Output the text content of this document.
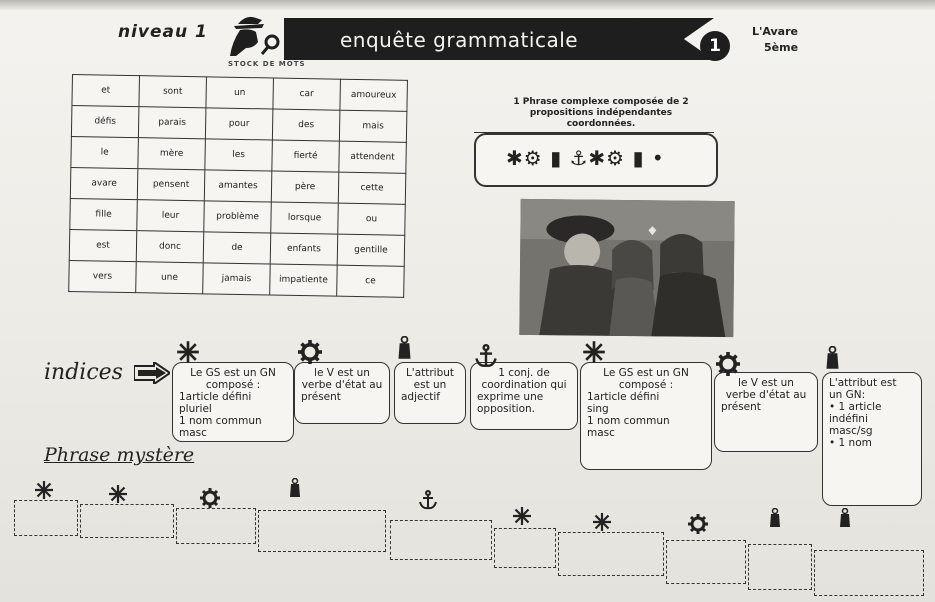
niveau 1	enquête grammaticale	1
L'Avare
5ème
STOCK DE MOTS
et	sont	un	car	amoureux
défis	parais	pour	des	mais
le	mère	les	fierté	attendent
avare	pensent	amantes	père	cette
fille	leur	problème	lorsque	ou
est	donc	de	enfants	gentille
vers	une	jamais	impatiente	ce
1 Phrase complexe composée de 2
propositions indépendantes
coordonnées.
✱⚙ ▮ ⚓✱⚙ ▮ •
indices	Le GS est un GN
composé :
1article défini
pluriel
1 nom commun
masc
le V est un
verbe d'état au
présent
L'attribut
est un
adjectif
1 conj. de
coordination qui
exprime une
opposition.
Le GS est un GN
composé :
1article défini
sing
1 nom commun
masc
le V est un
verbe d'état au
présent
L'attribut est
un GN:
• 1 article
indéfini
masc/sg
• 1 nom
Phrase mystère
